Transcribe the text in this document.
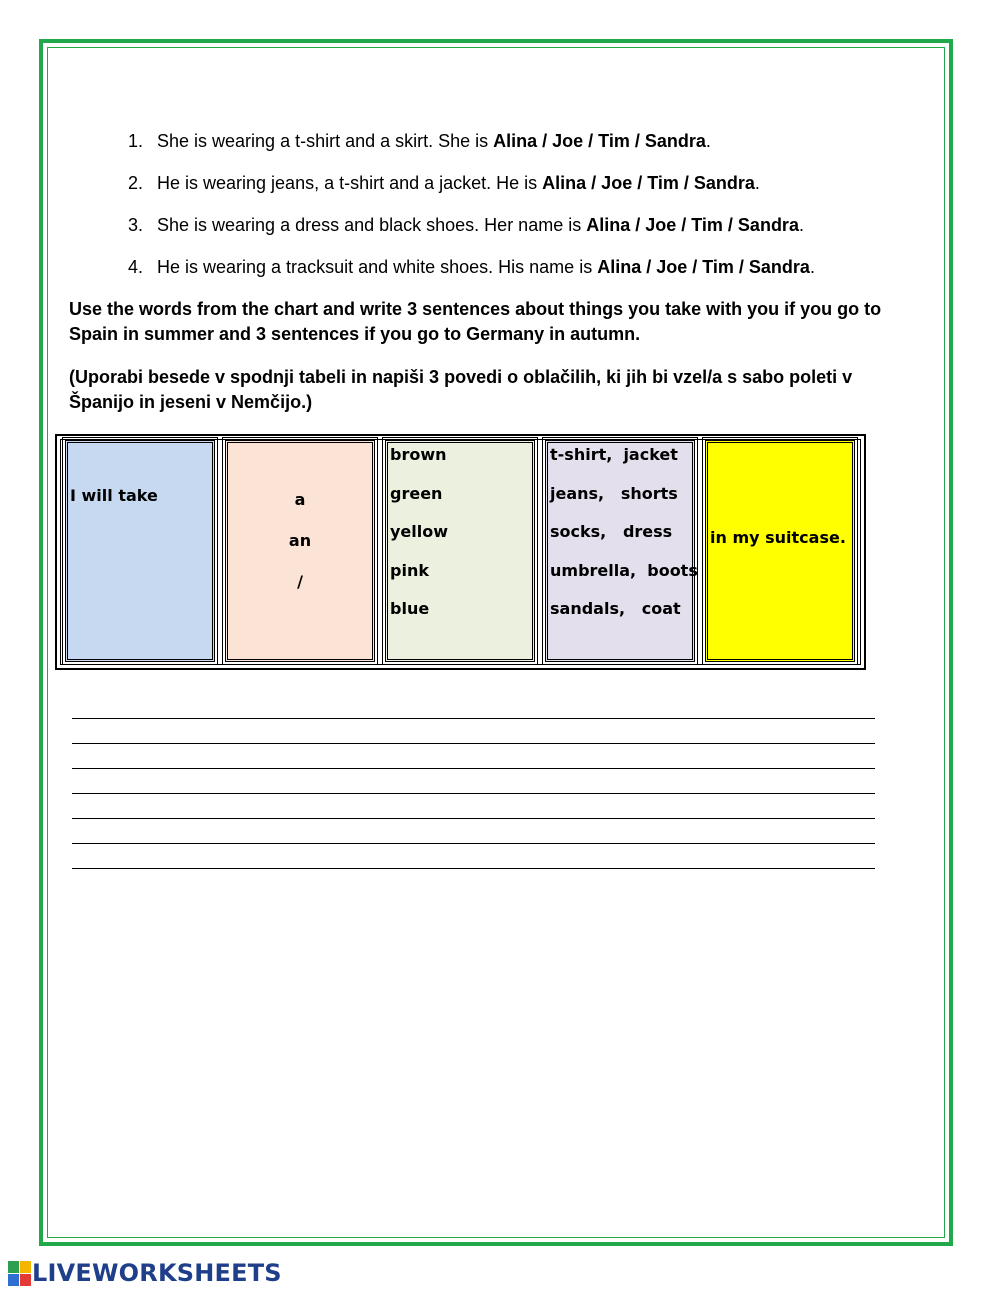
1. She is wearing a t-shirt and a skirt. She is Alina / Joe / Tim / Sandra.
2. He is wearing jeans, a t-shirt and a jacket. He is Alina / Joe / Tim / Sandra.
3. She is wearing a dress and black shoes. Her name is Alina / Joe / Tim / Sandra.
4. He is wearing a tracksuit and white shoes. His name is Alina / Joe / Tim / Sandra.
Use the words from the chart and write 3 sentences about things you take with you if you go to Spain in summer and 3 sentences if you go to Germany in autumn.
(Uporabi besede v spodnji tabeli in napiši 3 povedi o oblačilih, ki jih bi vzel/a s sabo poleti v Španijo in jeseni v Nemčijo.)
I will take	a
an
/
brown
green
yellow
pink
blue
t-shirt,  jacket
jeans,   shorts
socks,   dress
umbrella,  boots
sandals,   coat
in my suitcase.
LIVEWORKSHEETS
